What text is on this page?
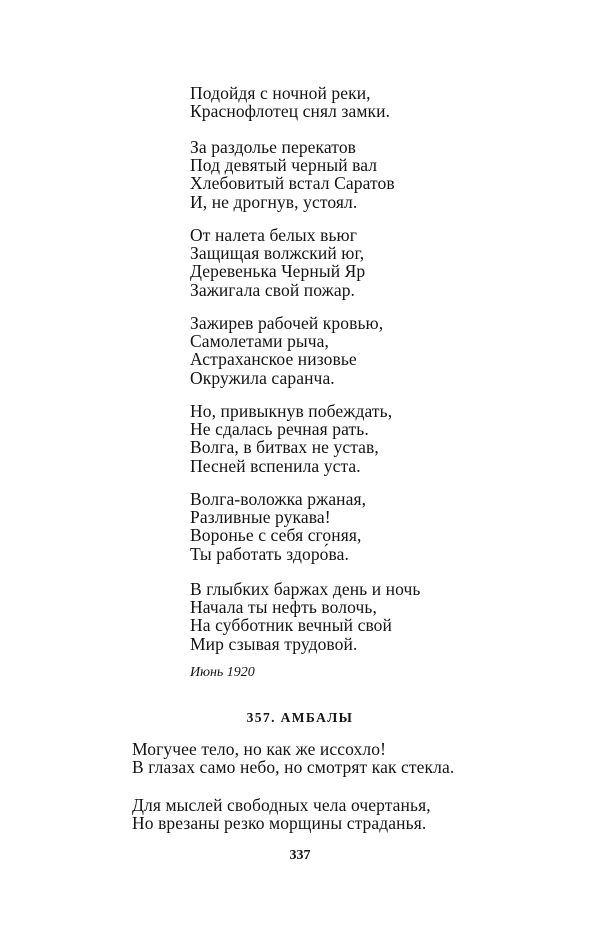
Подойдя с ночной реки,
Краснофлотец снял замки.
За раздолье перекатов
Под девятый черный вал
Хлебовитый встал Саратов
И, не дрогнув, устоял.
От налета белых вьюг
Защищая волжский юг,
Деревенька Черный Яр
Зажигала свой пожар.
Зажирев рабочей кровью,
Самолетами рыча,
Астраханское низовье
Окружила саранча.
Но, привыкнув побеждать,
Не сдалась речная рать.
Волга, в битвах не устав,
Песней вспенила уста.
Волга-воложка ржаная,
Разливные рукава!
Воронье с себя сгоняя,
Ты работать здоро́ва.
В глыбких баржах день и ночь
Начала ты нефть волочь,
На субботник вечный свой
Мир сзывая трудовой.
Июнь 1920
357. АМБАЛЫ
Могучее тело, но как же иссохло!
В глазах само небо, но смотрят как стекла.
Для мыслей свободных чела очертанья,
Но врезаны резко морщины страданья.
337
